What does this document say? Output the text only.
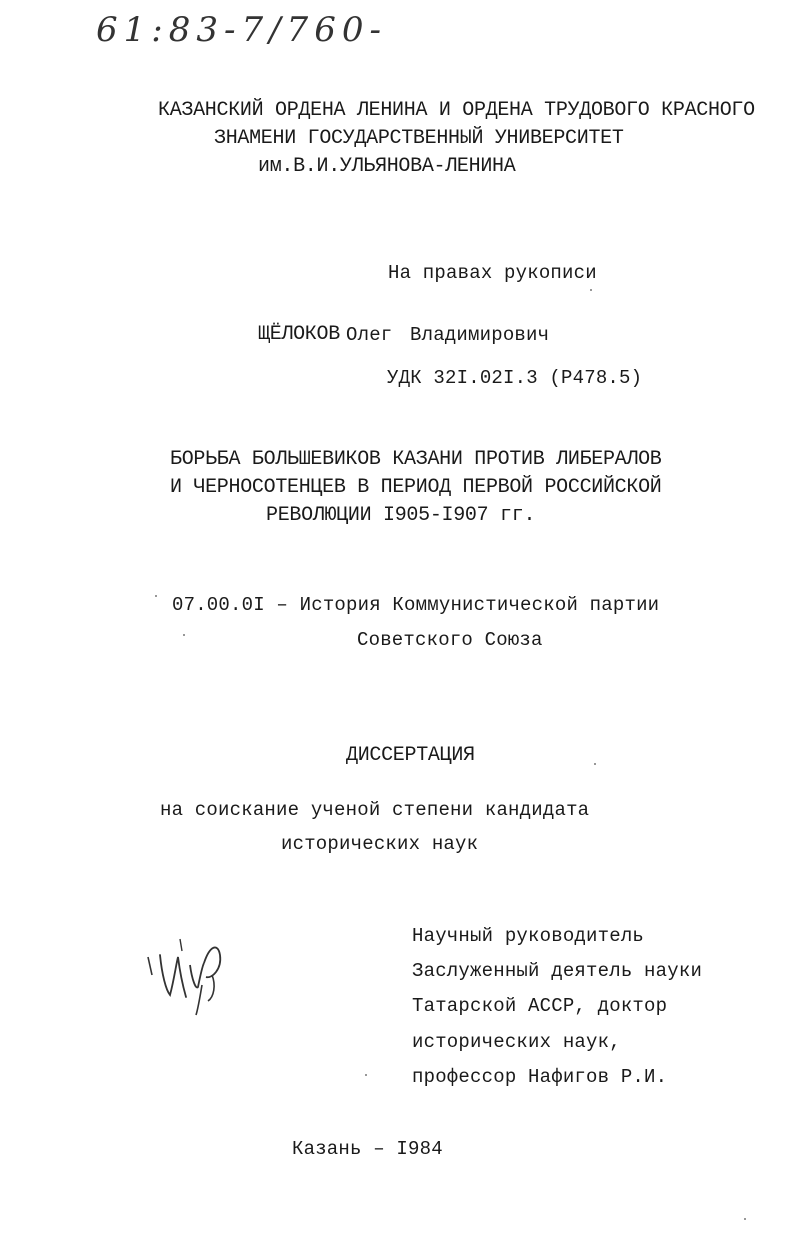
61:83-7/760-
КАЗАНСКИЙ ОРДЕНА ЛЕНИНА И ОРДЕНА ТРУДОВОГО КРАСНОГО
ЗНАМЕНИ ГОСУДАРСТВЕННЫЙ УНИВЕРСИТЕТ
им.В.И.УЛЬЯНОВА-ЛЕНИНА
На правах рукописи
ЩЁЛОКОВ Олег Владимирович
УДК 32I.02I.3 (Р478.5)
БОРЬБА БОЛЬШЕВИКОВ КАЗАНИ ПРОТИВ ЛИБЕРАЛОВ
И ЧЕРНОСОТЕНЦЕВ В ПЕРИОД ПЕРВОЙ РОССИЙСКОЙ
РЕВОЛЮЦИИ I905-I907 гг.
07.00.0I – История Коммунистической партии
Советского Союза
ДИССЕРТАЦИЯ
на соискание ученой степени кандидата
исторических наук
Научный руководитель
Заслуженный деятель науки
Татарской АССР, доктор
исторических наук,
профессор Нафигов Р.И.
Казань – I984
